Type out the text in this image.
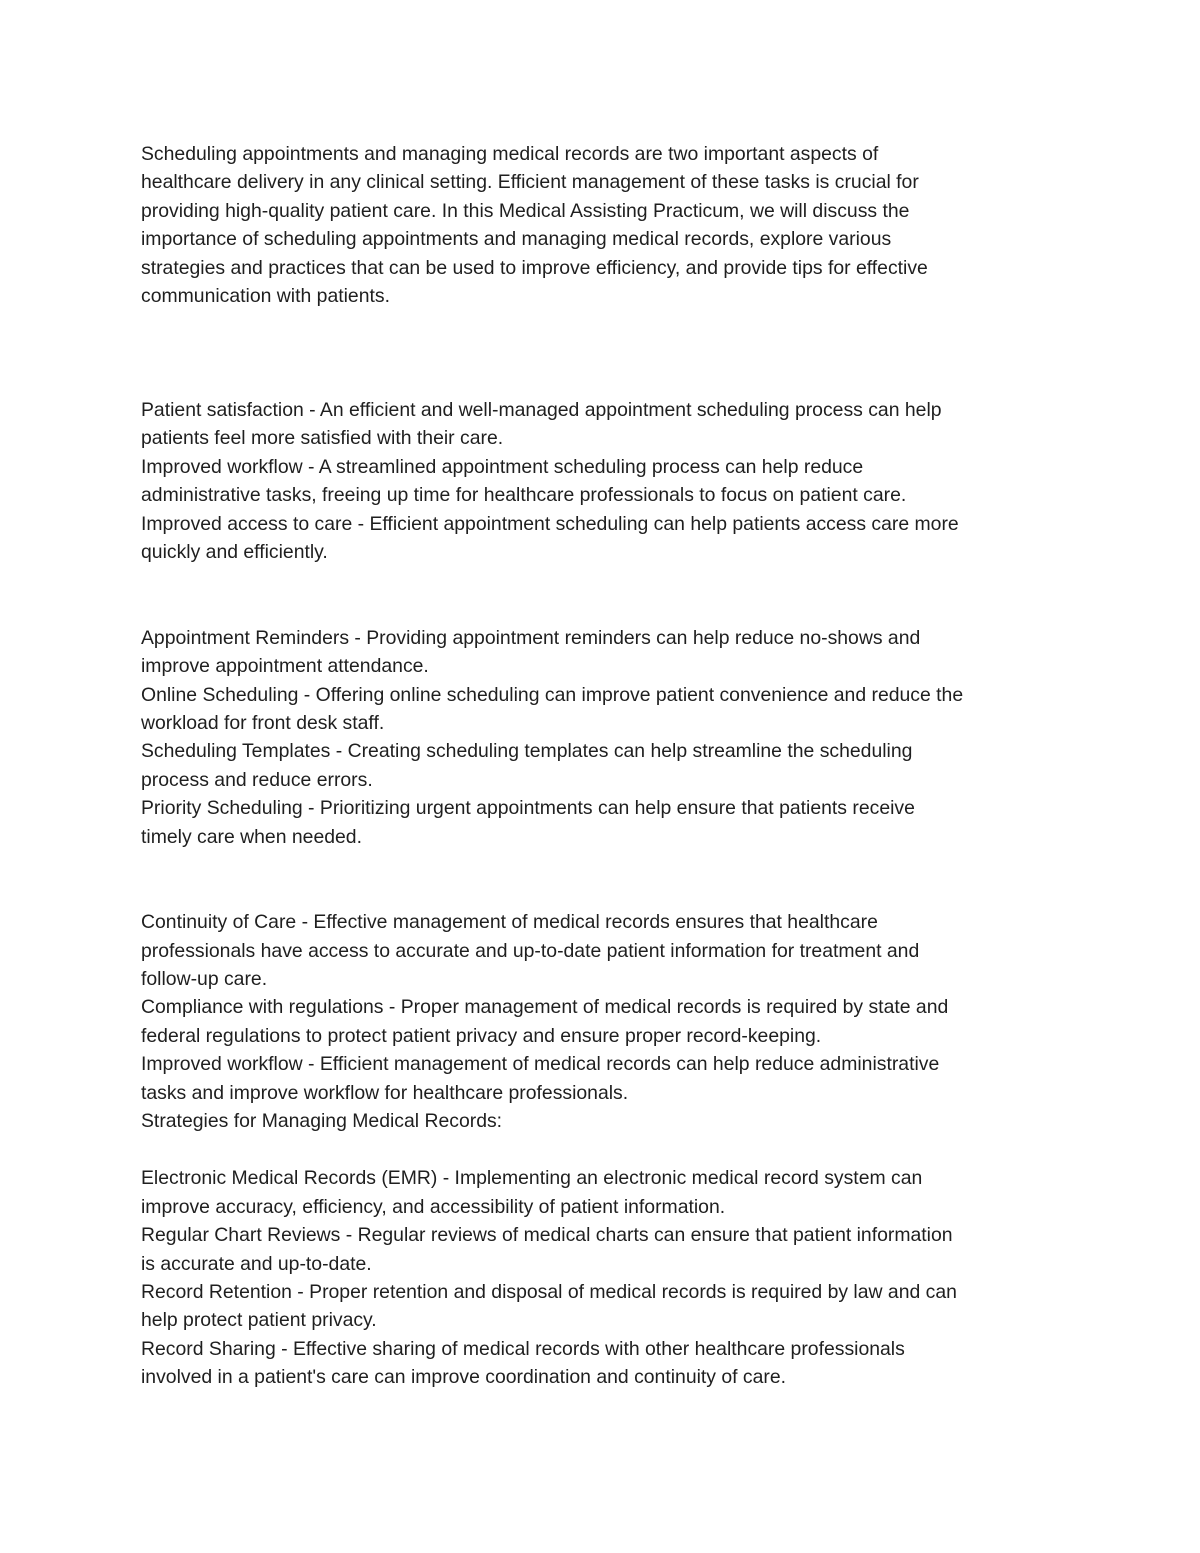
Scheduling appointments and managing medical records are two important aspects of
healthcare delivery in any clinical setting. Efficient management of these tasks is crucial for
providing high-quality patient care. In this Medical Assisting Practicum, we will discuss the
importance of scheduling appointments and managing medical records, explore various
strategies and practices that can be used to improve efficiency, and provide tips for effective
communication with patients.

Patient satisfaction - An efficient and well-managed appointment scheduling process can help
patients feel more satisfied with their care.
Improved workflow - A streamlined appointment scheduling process can help reduce
administrative tasks, freeing up time for healthcare professionals to focus on patient care.
Improved access to care - Efficient appointment scheduling can help patients access care more
quickly and efficiently.

Appointment Reminders - Providing appointment reminders can help reduce no-shows and
improve appointment attendance.
Online Scheduling - Offering online scheduling can improve patient convenience and reduce the
workload for front desk staff.
Scheduling Templates - Creating scheduling templates can help streamline the scheduling
process and reduce errors.
Priority Scheduling - Prioritizing urgent appointments can help ensure that patients receive
timely care when needed.

Continuity of Care - Effective management of medical records ensures that healthcare
professionals have access to accurate and up-to-date patient information for treatment and
follow-up care.
Compliance with regulations - Proper management of medical records is required by state and
federal regulations to protect patient privacy and ensure proper record-keeping.
Improved workflow - Efficient management of medical records can help reduce administrative
tasks and improve workflow for healthcare professionals.
Strategies for Managing Medical Records:

Electronic Medical Records (EMR) - Implementing an electronic medical record system can
improve accuracy, efficiency, and accessibility of patient information.
Regular Chart Reviews - Regular reviews of medical charts can ensure that patient information
is accurate and up-to-date.
Record Retention - Proper retention and disposal of medical records is required by law and can
help protect patient privacy.
Record Sharing - Effective sharing of medical records with other healthcare professionals
involved in a patient's care can improve coordination and continuity of care.
